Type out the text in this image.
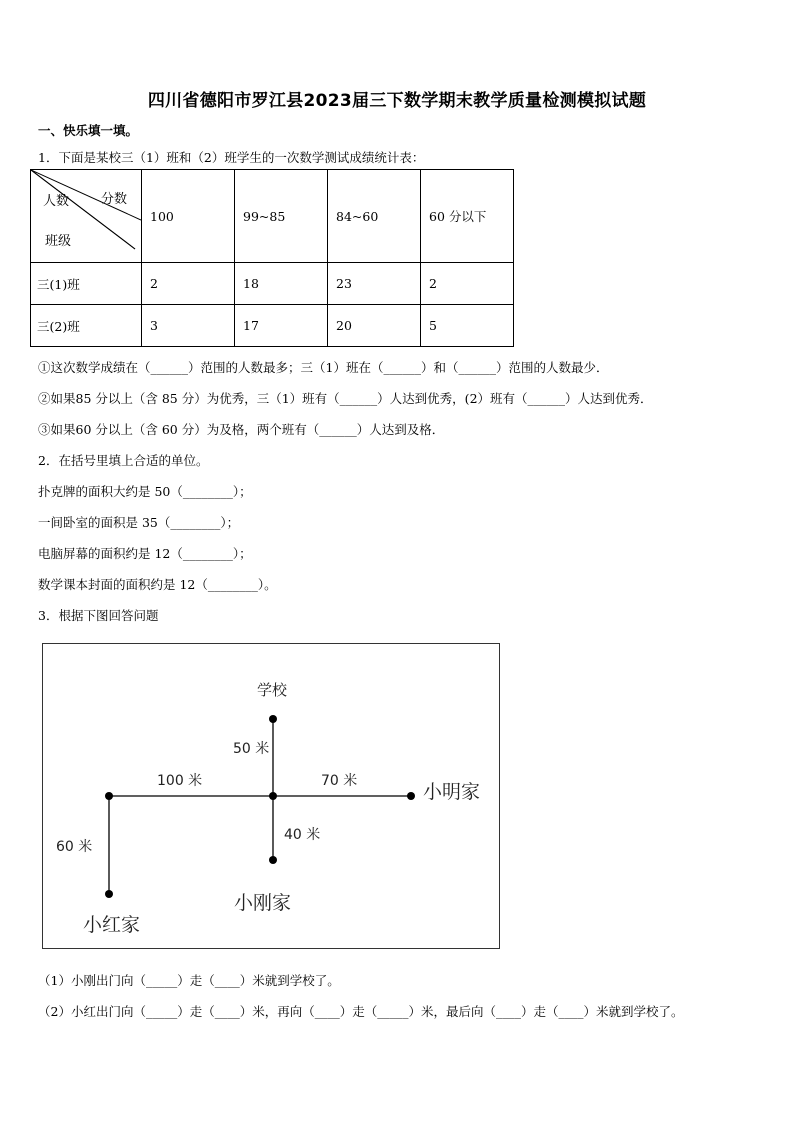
四川省德阳市罗江县2023届三下数学期末教学质量检测模拟试题
一、快乐填一填。
1．下面是某校三（1）班和（2）班学生的一次数学测试成绩统计表：
人数 分数
班级	100	99~85	84~60	60 分以下
三(1)班	2	18	23	2
三(2)班	3	17	20	5
①这次数学成绩在（______）范围的人数最多；三（1）班在（______）和（______）范围的人数最少．
②如果85 分以上（含 85 分）为优秀，三（1）班有（______）人达到优秀，(2）班有（______）人达到优秀．
③如果60 分以上（含 60 分）为及格，两个班有（______）人达到及格．
2．在括号里填上合适的单位。
扑克牌的面积大约是 50（________）；
一间卧室的面积是 35（________）；
电脑屏幕的面积约是 12（________）；
数学课本封面的面积约是 12（________）。
3．根据下图回答问题
学校
50 米
100 米	70 米	小明家
40 米
60 米
小刚家
小红家
（1）小刚出门向（_____）走（____）米就到学校了。
（2）小红出门向（_____）走（____）米，再向（____）走（_____）米，最后向（____）走（____）米就到学校了。
